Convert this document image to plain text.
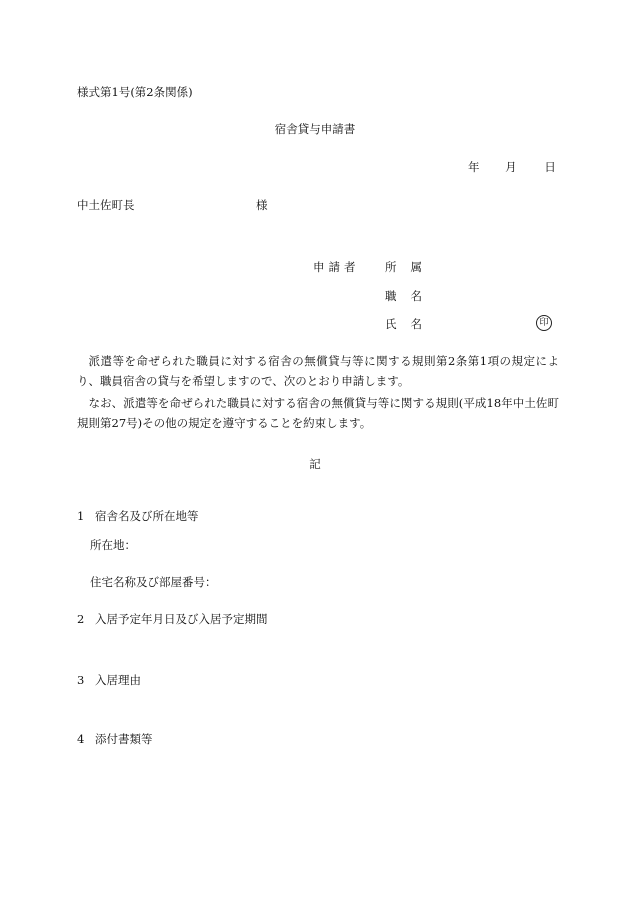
様式第1号(第2条関係)
宿舎貸与申請書
年 月 日
中土佐町長	様
申請者 所 属
職 名
氏 名	印
派遣等を命ぜられた職員に対する宿舎の無償貸与等に関する規則第2条第1項の規定により、職員宿舎の貸与を希望しますので、次のとおり申請します。
なお、派遣等を命ぜられた職員に対する宿舎の無償貸与等に関する規則(平成18年中土佐町規則第27号)その他の規定を遵守することを約束します。
記
1 宿舎名及び所在地等
所在地：
住宅名称及び部屋番号：
2 入居予定年月日及び入居予定期間
3 入居理由
4 添付書類等
